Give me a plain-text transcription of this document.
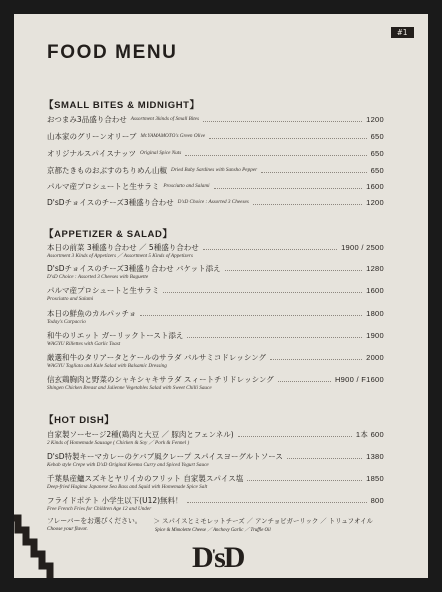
#1
FOOD MENU
【SMALL BITES & MIDNIGHT】
おつまみ3品盛り合わせ Assortment 3kinds of Small Bites	1200
山本家のグリーンオリーブ Mr.YAMAMOTO's Green Olive	650
オリジナルスパイスナッツ Original Spice Nuts	650
京都たきものおぶすのちりめん山椒 Dried Baby Sardines with Sansho Pepper	650
パルマ産プロシュートと生サラミ Prosciutto and Salami	1600
D'sDチョイスのチーズ3種盛り合わせ D'sD Choice : Assorted 3 Cheeses	1200
【APPETIZER & SALAD】
本日の前菜 3種盛り合わせ ／ 5種盛り合わせ	1900 / 2500
Assortment 3 Kinds of Appetizers ／ Assortment 5 Kinds of Appetizers
D'sDチョイスのチーズ3種盛り合わせ バケット添え	1280
D'sD Choice : Assorted 3 Cheeses with Baguette
パルマ産プロシュートと生サラミ	1600
Prosciutto and Salami
本日の鮮魚のカルパッチョ	1800
Today's Carpaccio
和牛のリエット ガーリックトースト添え	1900
WAGYU Rillettes with Garlic Toast
厳選和牛のタリアータとケールのサラダ バルサミコドレッシング	2000
WAGYU Tagliata and Kale Salad with Balsamic Dressing
信玄鶏胸肉と野菜のシャキシャキサラダ スィートチリドレッシング	H900 / F1600
Shingen Chicken Breast and Julienne Vegetables Salad with Sweet Chilli Sauce
【HOT DISH】
自家製ソーセージ2種(鶏肉と大豆 ／ 豚肉とフェンネル)	1本 600
2 Kinds of Homemade Sausage ( Chicken & Soy ／ Pork & Fennel )
D'sD特製キーマカレーのケバブ風クレープ スパイスヨーグルトソース	1380
Kebab style Crepe with D'sD Original Keema Curry and Spiced Yogurt Sauce
千葉県産鱸スズキとヤリイカのフリット 自家製スパイス塩	1850
Deep-fried Hagima Japanese Sea Bass and Squid with Homemade Spice Salt
フライドポテト 小学生以下(U12)無料！	800
Free French Fries for Children Age 12 and Under
フレーバーをお選びください。 ＞ スパイスとミモレットチーズ ／ アンチョビガーリック ／ トリュフオイル
Choose your flavor.	Spice & Mimolette Cheese ／ Anchovy Garlic ／ Truffle Oil
D'sD
